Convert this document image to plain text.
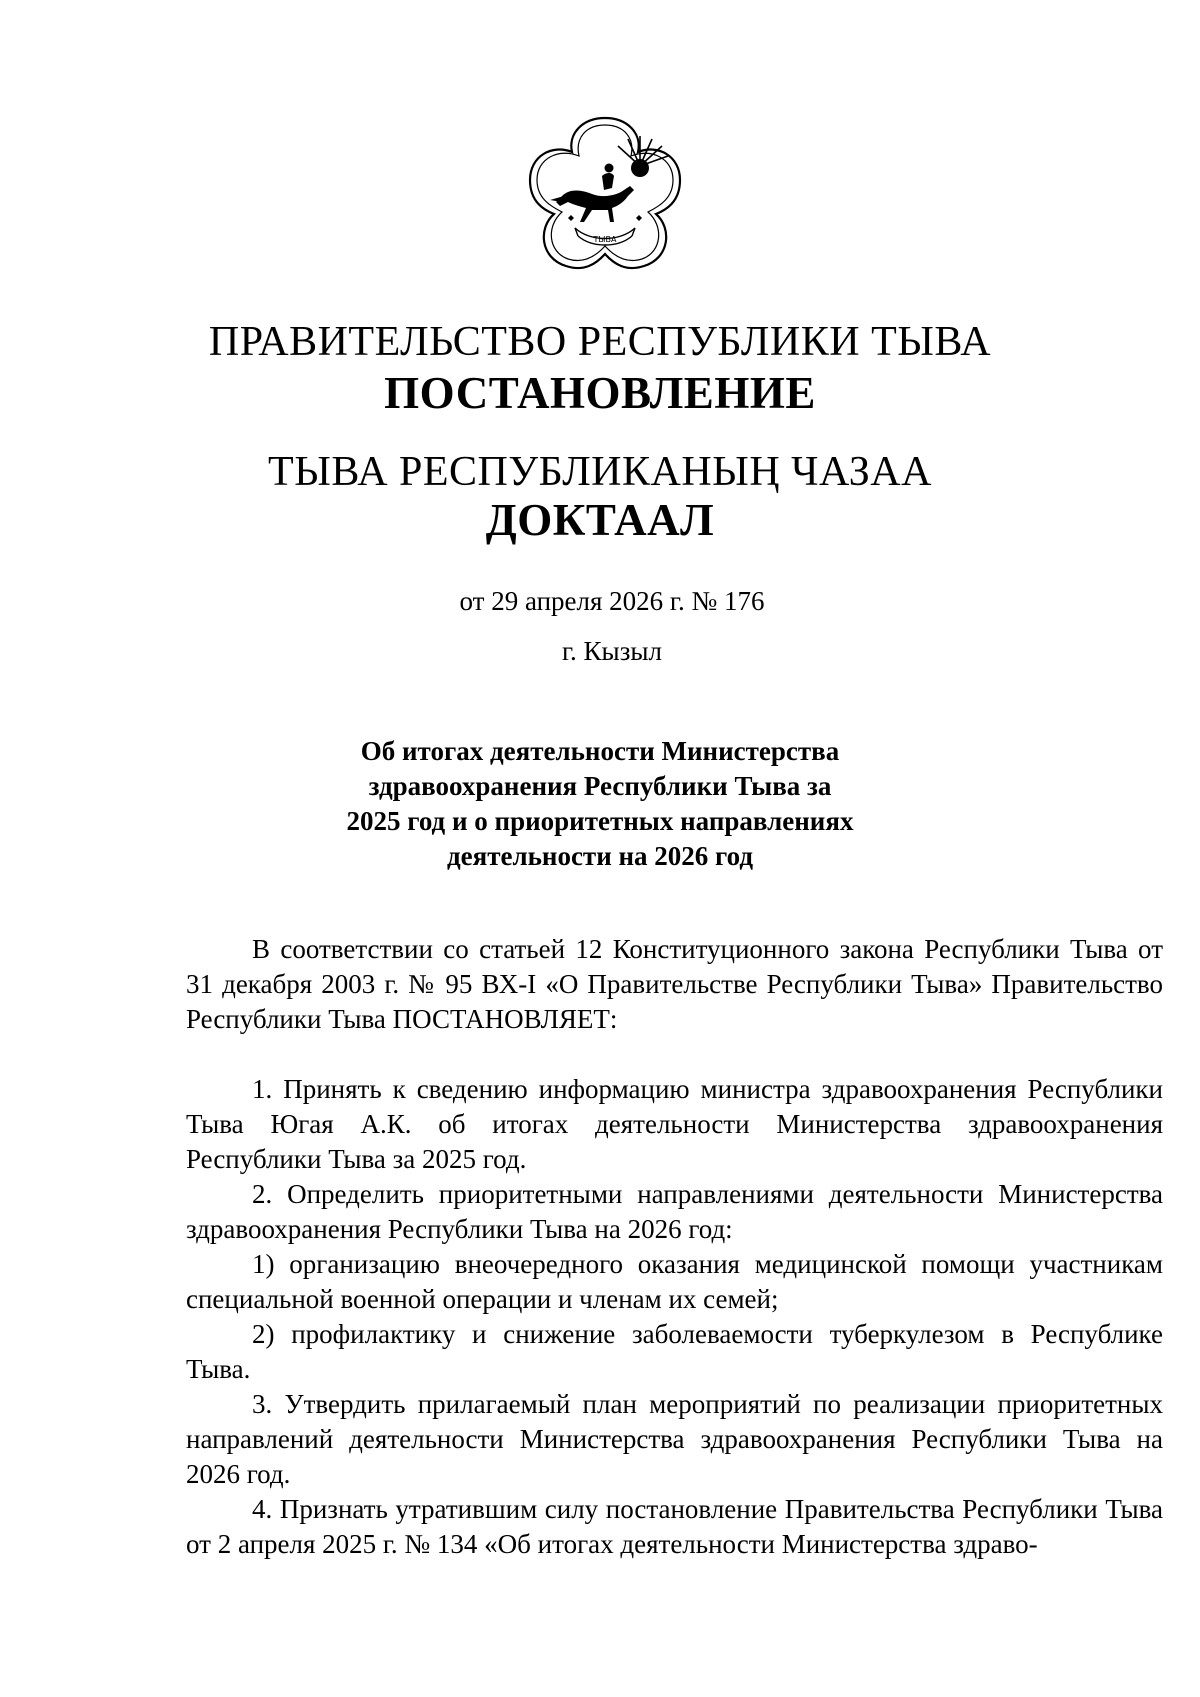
ТЫВА
ПРАВИТЕЛЬСТВО РЕСПУБЛИКИ ТЫВА
ПОСТАНОВЛЕНИЕ
ТЫВА РЕСПУБЛИКАНЫҢ ЧАЗАА
ДОКТААЛ
от 29 апреля 2026 г. № 176
г. Кызыл
Об итогах деятельности Министерства
здравоохранения Республики Тыва за
2025 год и о приоритетных направлениях
деятельности на 2026 год

В соответствии со статьей 12 Конституционного закона Республики Тыва от 31 декабря 2003 г. № 95 ВХ-I «О Правительстве Республики Тыва» Правительство Республики Тыва ПОСТАНОВЛЯЕТ:

1. Принять к сведению информацию министра здравоохранения Республики Тыва Югая А.К. об итогах деятельности Министерства здравоохранения Республики Тыва за 2025 год.

2. Определить приоритетными направлениями деятельности Министерства здравоохранения Республики Тыва на 2026 год:

1) организацию внеочередного оказания медицинской помощи участникам специальной военной операции и членам их семей;

2) профилактику и снижение заболеваемости туберкулезом в Республике Тыва.

3. Утвердить прилагаемый план мероприятий по реализации приоритетных направлений деятельности Министерства здравоохранения Республики Тыва на 2026 год.

4. Признать утратившим силу постановление Правительства Республики Тыва от 2 апреля 2025 г. № 134 «Об итогах деятельности Министерства здраво-
